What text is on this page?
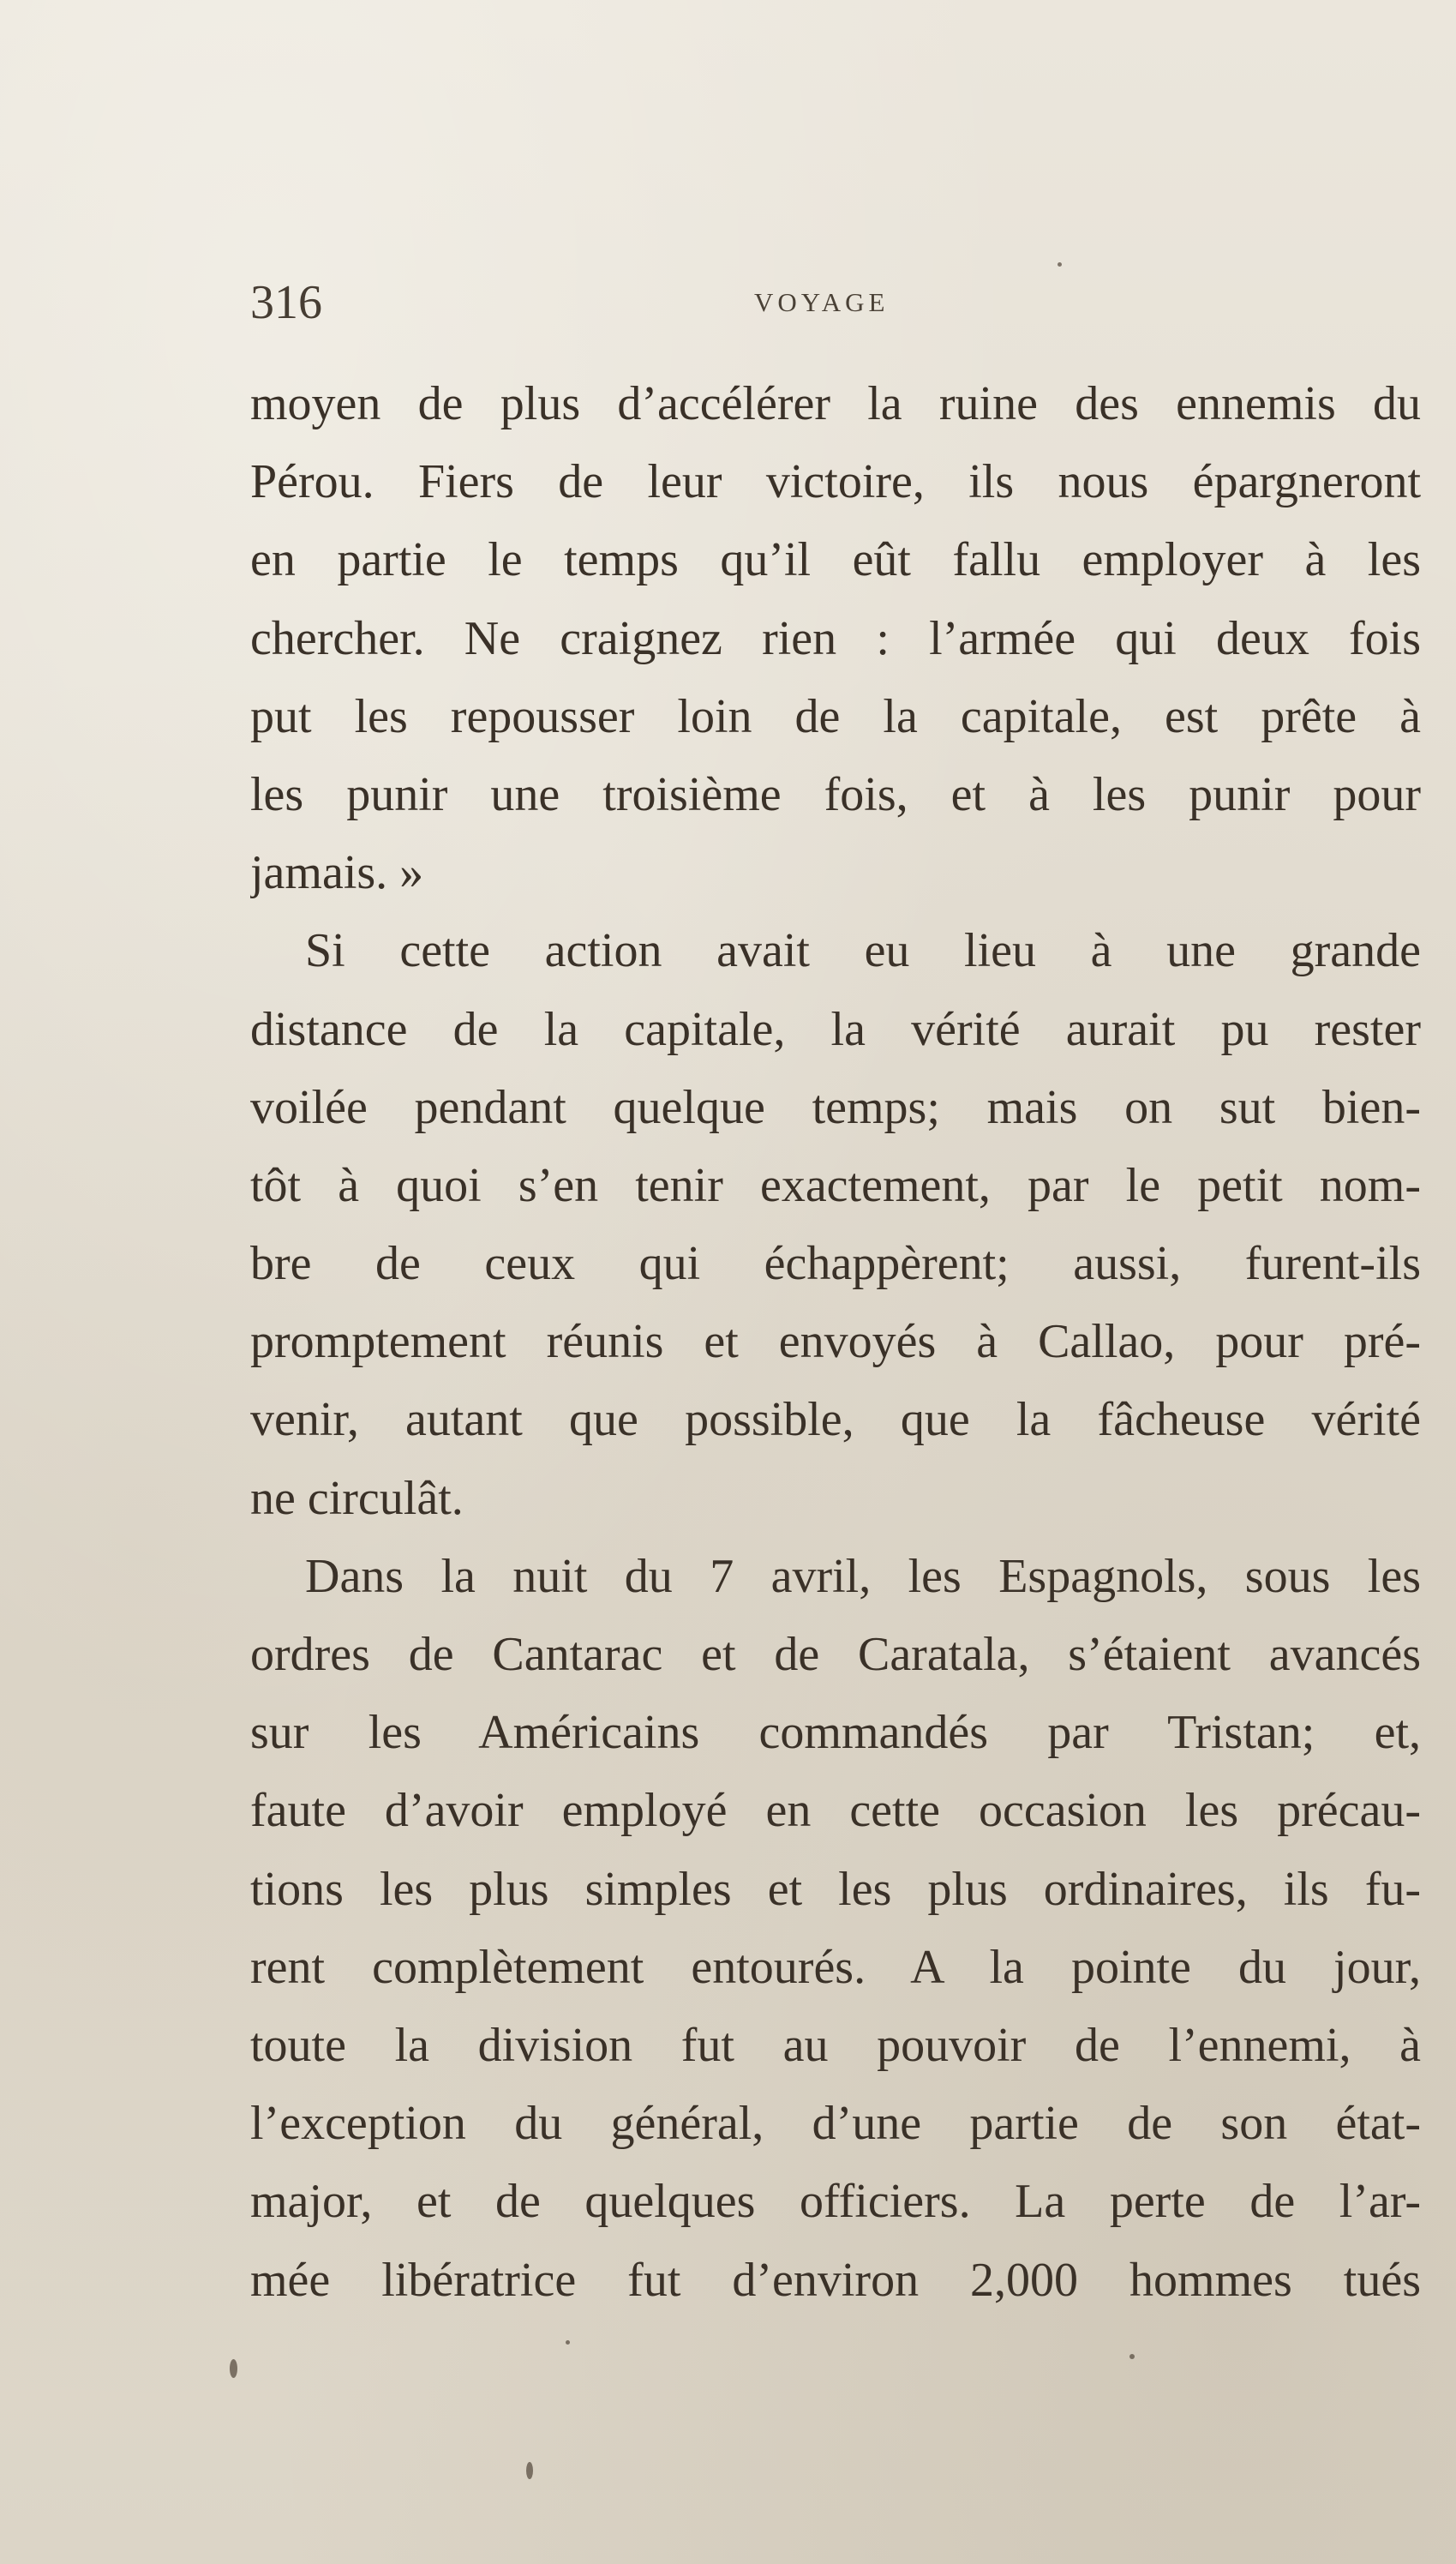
316	VOYAGE
moyen de plus d’accélérer la ruine des ennemis du
Pérou. Fiers de leur victoire, ils nous épargneront
en partie le temps qu’il eût fallu employer à les
chercher. Ne craignez rien : l’armée qui deux fois
put les repousser loin de la capitale, est prête à
les punir une troisième fois, et à les punir pour
jamais. »
Si cette action avait eu lieu à une grande
distance de la capitale, la vérité aurait pu rester
voilée pendant quelque temps; mais on sut bien-
tôt à quoi s’en tenir exactement, par le petit nom-
bre de ceux qui échappèrent; aussi, furent-ils
promptement réunis et envoyés à Callao, pour pré-
venir, autant que possible, que la fâcheuse vérité
ne circulât.
Dans la nuit du 7 avril, les Espagnols, sous les
ordres de Cantarac et de Caratala, s’étaient avancés
sur les Américains commandés par Tristan; et,
faute d’avoir employé en cette occasion les précau-
tions les plus simples et les plus ordinaires, ils fu-
rent complètement entourés. A la pointe du jour,
toute la division fut au pouvoir de l’ennemi, à
l’exception du général, d’une partie de son état-
major, et de quelques officiers. La perte de l’ar-
mée libératrice fut d’environ 2,000 hommes tués
